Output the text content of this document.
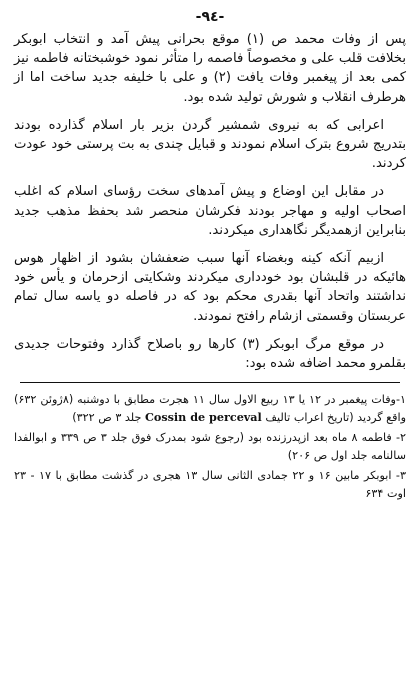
-٩٤-

پس از وفات محمد ص (۱) موقع بحرانی پیش آمد و انتخاب ابوبکر بخلافت قلب علی و مخصوصاً فاصمه را متأثر نمود خوشبختانه فاطمه نیز کمی بعد از پیغمبر وفات یافت (۲) و علی با خلیفه جدید ساخت اما از هرطرف انقلاب و شورش تولید شده بود.

اعرابی که به نیروی شمشیر گردن بزیر بار اسلام گذارده بودند بتدریج شروع بترک اسلام نمودند و قبایل چندی به بت پرستی خود عودت کردند.

در مقابل این اوضاع و پیش آمدهای سخت رؤسای اسلام که اغلب اصحاب اولیه و مهاجر بودند فکرشان منحصر شد بحفظ مذهب جدید بنابراین ازهمدیگر نگاهداری میکردند.

ازبیم آنکه کینه وبغضاء آنها سبب ضعفشان بشود از اظهار هوس هائیکه در قلبشان بود خودداری میکردند وشکایتی ازحرمان و یأس خود نداشتند واتحاد آنها بقدری محکم بود که در فاصله دو یاسه سال تمام عربستان وقسمتی ازشام رافتح نمودند.

در موقع مرگ ابوبکر (۳) کارها رو باصلاح گذارد وفتوحات جدیدی بقلمرو محمد اضافه شده بود:

۱-وفات پیغمبر در ۱۲ یا ۱۳ ربیع الاول سال ۱۱ هجرت مطابق با دوشنبه (۸ژوئن ۶۳۲) واقع گردید (تاریخ اعراب تالیف Cossin de perceval جلد ۳ ص ۳۲۲)

۲- فاطمه ۸ ماه بعد ازپدرزنده بود (رجوع شود بمدرک فوق جلد ۳ ص ۳۳۹ و ابوالفدا سالنامه جلد اول ص ۲۰۶)

۳- ابوبکر مابین ۱۶ و ۲۲ جمادی الثانی سال ۱۳ هجری در گذشت مطابق با ۱۷ - ۲۳ اوت ۶۳۴
